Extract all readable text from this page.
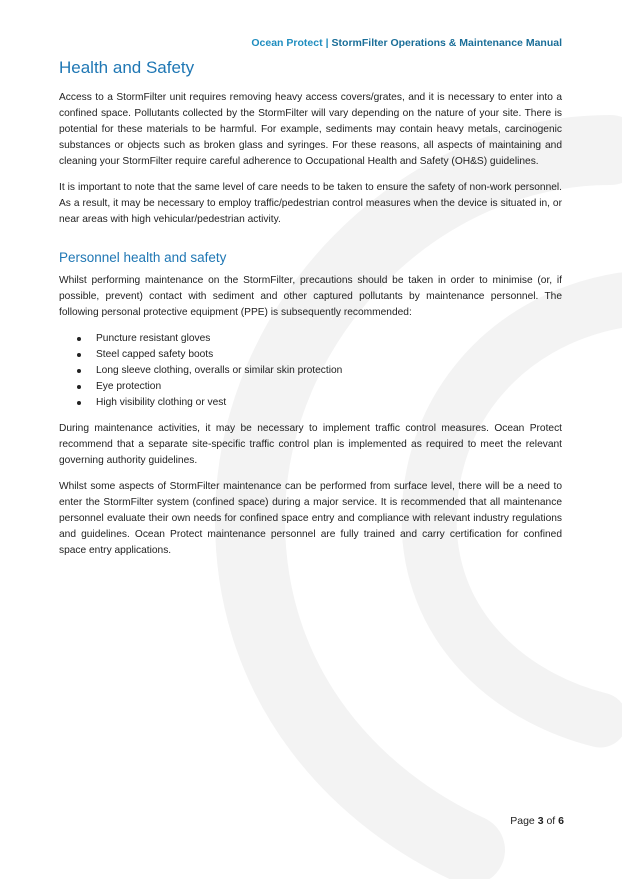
Ocean Protect | StormFilter Operations & Maintenance Manual
Health and Safety

Access to a StormFilter unit requires removing heavy access covers/grates, and it is necessary to enter into a confined space. Pollutants collected by the StormFilter will vary depending on the nature of your site. There is potential for these materials to be harmful. For example, sediments may contain heavy metals, carcinogenic substances or objects such as broken glass and syringes. For these reasons, all aspects of maintaining and cleaning your StormFilter require careful adherence to Occupational Health and Safety (OH&S) guidelines.

It is important to note that the same level of care needs to be taken to ensure the safety of non-work personnel. As a result, it may be necessary to employ traffic/pedestrian control measures when the device is situated in, or near areas with high vehicular/pedestrian activity.

Personnel health and safety

Whilst performing maintenance on the StormFilter, precautions should be taken in order to minimise (or, if possible, prevent) contact with sediment and other captured pollutants by maintenance personnel. The following personal protective equipment (PPE) is subsequently recommended:

Puncture resistant gloves
Steel capped safety boots
Long sleeve clothing, overalls or similar skin protection
Eye protection
High visibility clothing or vest

During maintenance activities, it may be necessary to implement traffic control measures. Ocean Protect recommend that a separate site-specific traffic control plan is implemented as required to meet the relevant governing authority guidelines.

Whilst some aspects of StormFilter maintenance can be performed from surface level, there will be a need to enter the StormFilter system (confined space) during a major service. It is recommended that all maintenance personnel evaluate their own needs for confined space entry and compliance with relevant industry regulations and guidelines. Ocean Protect maintenance personnel are fully trained and carry certification for confined space entry applications.

Page 3 of 6
